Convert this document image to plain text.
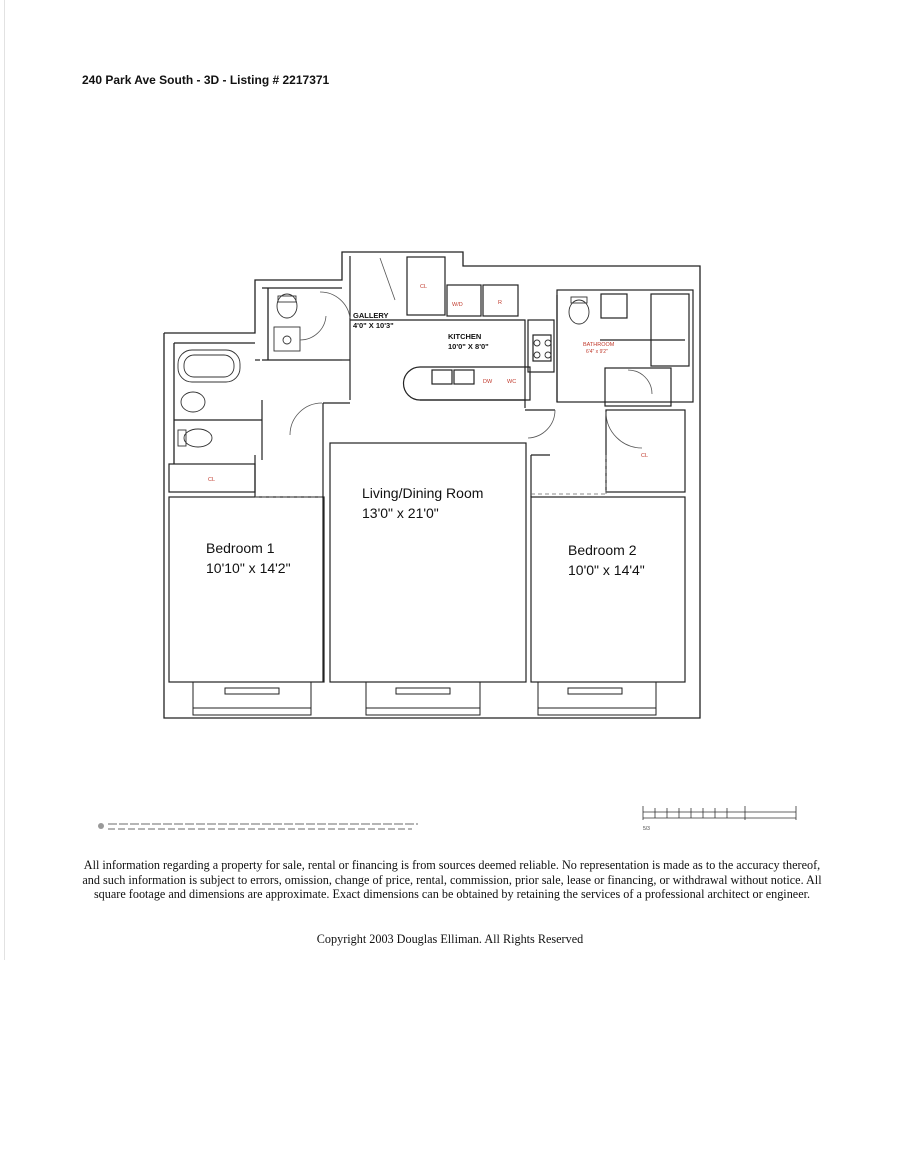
240 Park Ave South - 3D - Listing # 2217371
5/3
GALLERY
4'0" X 10'3"
KITCHEN
10'0" X 8'0"	BATHROOM
6'4" x 9'2"
CL
W/D	R
DW	WC
CL
CL
Living/Dining Room
13'0" x 21'0"
Bedroom 1
10'10" x 14'2"
Bedroom 2
10'0" x 14'4"
All information regarding a property for sale, rental or financing is from sources deemed reliable. No representation is made as to the accuracy thereof, and such information is subject to errors, omission, change of price, rental, commission, prior sale, lease or financing, or withdrawal without notice. All square footage and dimensions are approximate. Exact dimensions can be obtained by retaining the services of a professional architect or engineer.
Copyright 2003 Douglas Elliman. All Rights Reserved
